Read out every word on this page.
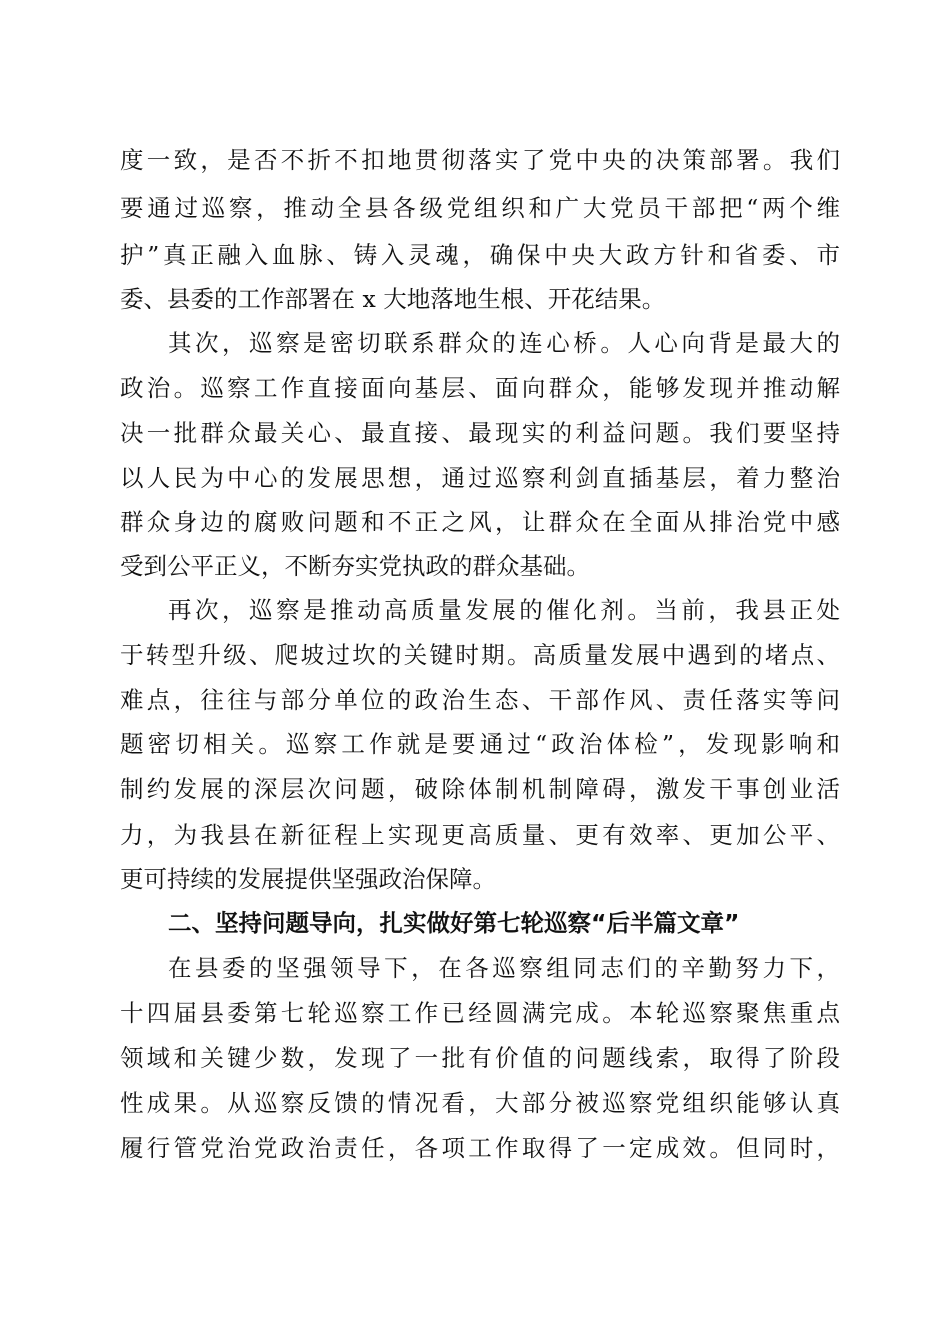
度一致，是否不折不扣地贯彻落实了党中央的决策部署。我们
要通过巡察，推动全县各级党组织和广大党员干部把“两个维
护”真正融入血脉、铸入灵魂，确保中央大政方针和省委、市
委、县委的工作部署在 x 大地落地生根、开花结果。
其次，巡察是密切联系群众的连心桥。人心向背是最大的
政治。巡察工作直接面向基层、面向群众，能够发现并推动解
决一批群众最关心、最直接、最现实的利益问题。我们要坚持
以人民为中心的发展思想，通过巡察利剑直插基层，着力整治
群众身边的腐败问题和不正之风，让群众在全面从排治党中感
受到公平正义，不断夯实党执政的群众基础。
再次，巡察是推动高质量发展的催化剂。当前，我县正处
于转型升级、爬坡过坎的关键时期。高质量发展中遇到的堵点、
难点，往往与部分单位的政治生态、干部作风、责任落实等问
题密切相关。巡察工作就是要通过“政治体检”，发现影响和
制约发展的深层次问题，破除体制机制障碍，激发干事创业活
力，为我县在新征程上实现更高质量、更有效率、更加公平、
更可持续的发展提供坚强政治保障。
二、坚持问题导向，扎实做好第七轮巡察“后半篇文章”
在县委的坚强领导下，在各巡察组同志们的辛勤努力下，
十四届县委第七轮巡察工作已经圆满完成。本轮巡察聚焦重点
领域和关键少数，发现了一批有价值的问题线索，取得了阶段
性成果。从巡察反馈的情况看，大部分被巡察党组织能够认真
履行管党治党政治责任，各项工作取得了一定成效。但同时，
